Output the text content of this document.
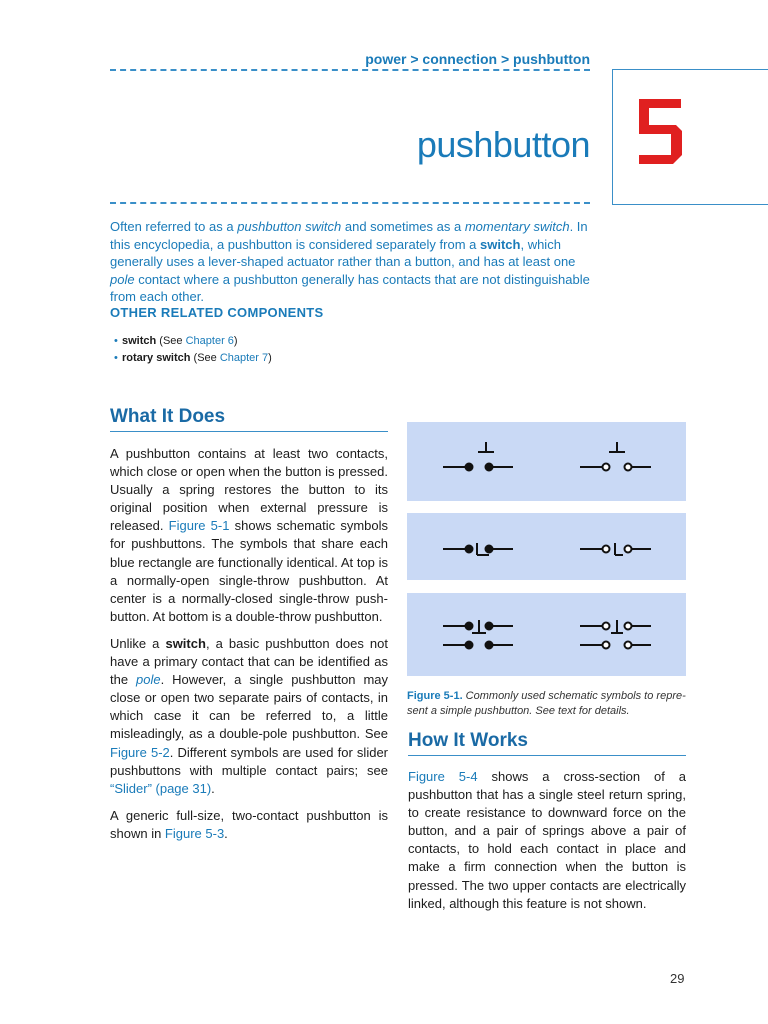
power > connection > pushbutton
pushbutton
Often referred to as a pushbutton switch and sometimes as a momentary switch. In this encyclopedia, a pushbutton is considered separately from a switch, which generally uses a lever-shaped actuator rather than a button, and has at least one pole contact where a pushbutton generally has contacts that are not distinguishable from each other.
OTHER RELATED COMPONENTS
• switch (See Chapter 6)
• rotary switch (See Chapter 7)
What It Does

A pushbutton contains at least two contacts, which close or open when the button is pressed. Usually a spring restores the button to its original position when external pressure is released. Figure 5-1 shows schematic symbols for pushbuttons. The symbols that share each blue rectangle are functionally identical. At top is a normally-open single-throw pushbutton. At center is a normally-closed single-throw pushbutton. At bottom is a double-throw pushbutton.

Unlike a switch, a basic pushbutton does not have a primary contact that can be identified as the pole. However, a single pushbutton may close or open two separate pairs of contacts, in which case it can be referred to, a little misleadingly, as a double-pole pushbutton. See Figure 5-2. Different symbols are used for slider pushbuttons with multiple contact pairs; see “Slider” (page 31).

A generic full-size, two-contact pushbutton is shown in Figure 5-3.

Figure 5-1. Commonly used schematic symbols to represent a simple pushbutton. See text for details.
How It Works

Figure 5-4 shows a cross-section of a pushbutton that has a single steel return spring, to create resistance to downward force on the button, and a pair of springs above a pair of contacts, to hold each contact in place and make a firm connection when the button is pressed. The two upper contacts are electrically linked, although this feature is not shown.

29
